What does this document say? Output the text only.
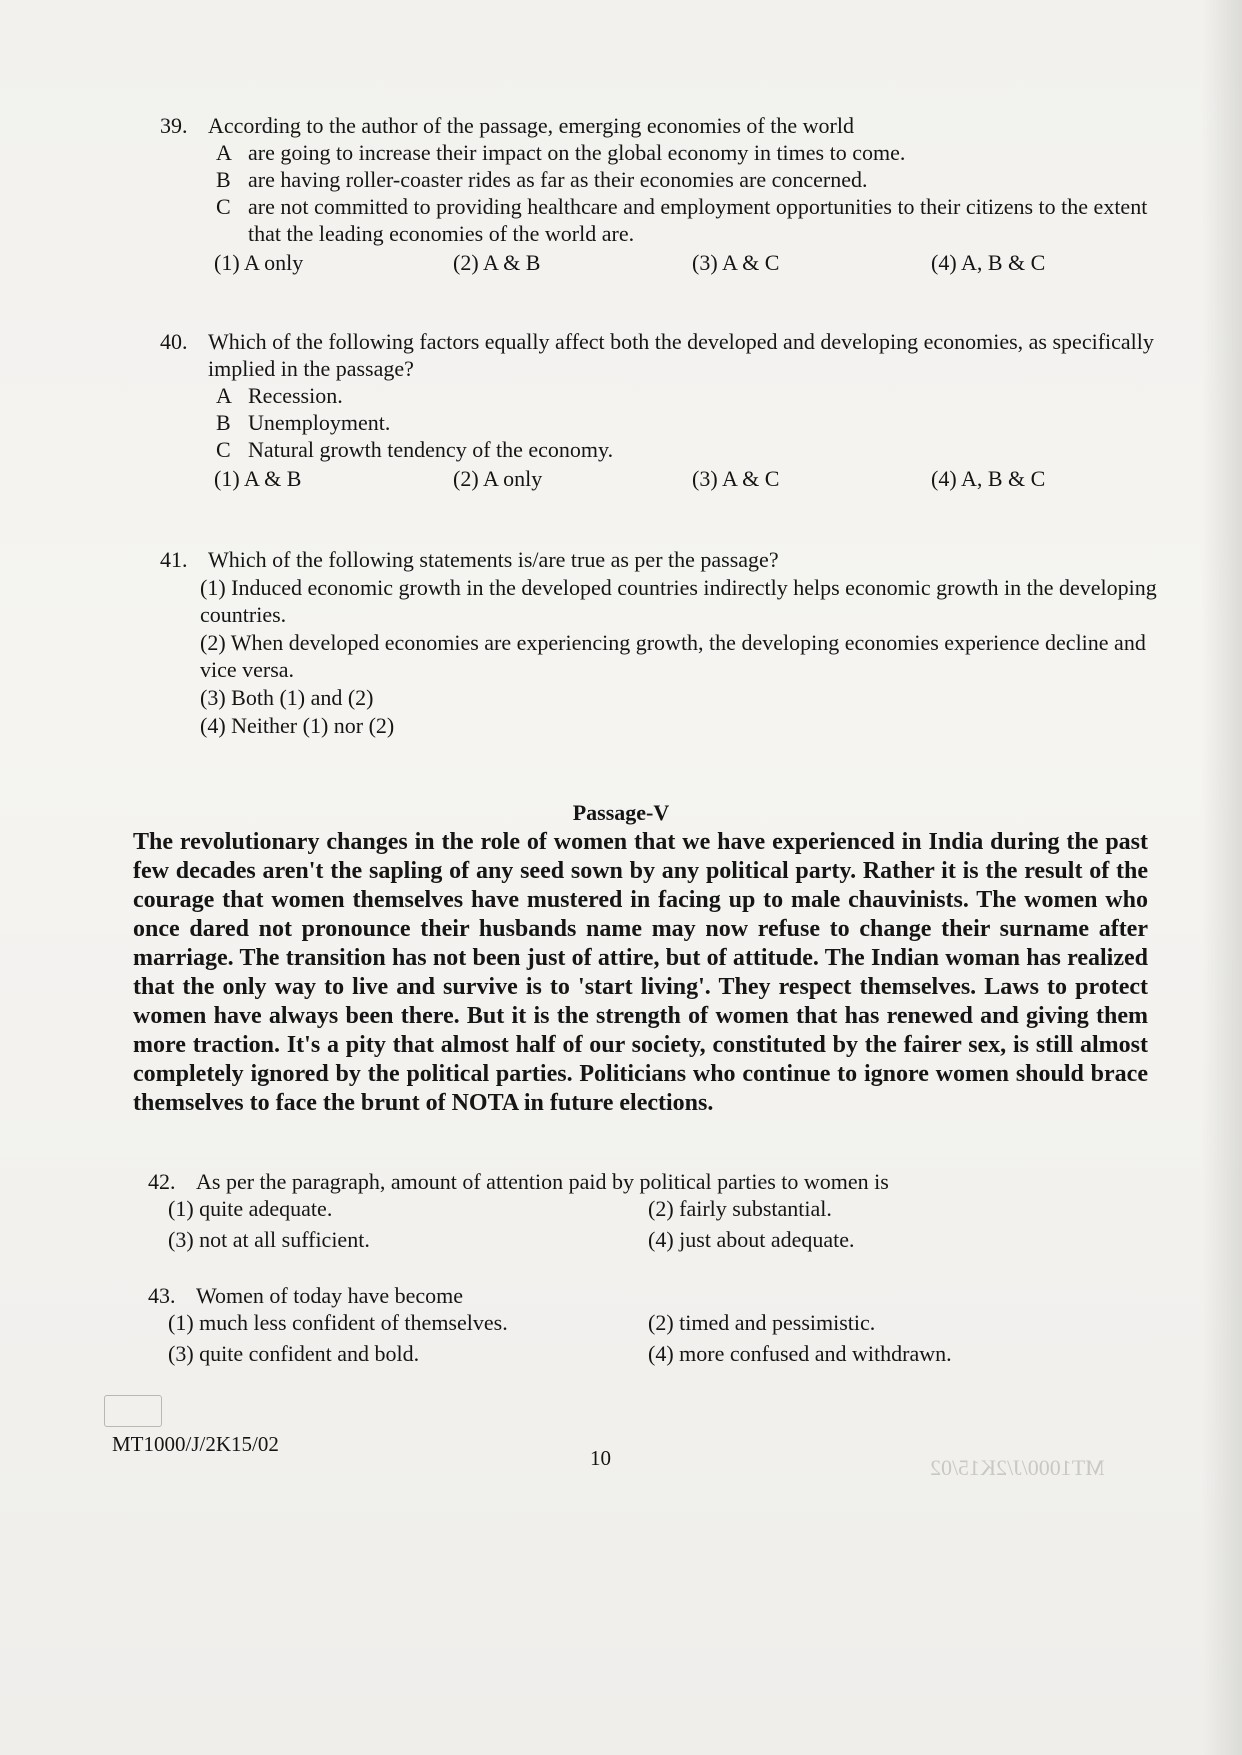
39. According to the author of the passage, emerging economies of the world
A are going to increase their impact on the global economy in times to come.
B are having roller-coaster rides as far as their economies are concerned.
C are not committed to providing healthcare and employment opportunities to their citizens to the extent that the leading economies of the world are.
(1) A only	(2) A & B	(3) A & C	(4) A, B & C
40. Which of the following factors equally affect both the developed and developing economies, as specifically implied in the passage?
A Recession.
B Unemployment.
C Natural growth tendency of the economy.
(1) A & B	(2) A only	(3) A & C	(4) A, B & C
41. Which of the following statements is/are true as per the passage?
(1) Induced economic growth in the developed countries indirectly helps economic growth in the developing countries.
(2) When developed economies are experiencing growth, the developing economies experience decline and vice versa.
(3) Both (1) and (2)
(4) Neither (1) nor (2)
Passage-V
The revolutionary changes in the role of women that we have experienced in India during the past few decades aren't the sapling of any seed sown by any political party. Rather it is the result of the courage that women themselves have mustered in facing up to male chauvinists. The women who once dared not pronounce their husbands name may now refuse to change their surname after marriage. The transition has not been just of attire, but of attitude. The Indian woman has realized that the only way to live and survive is to 'start living'. They respect themselves. Laws to protect women have always been there. But it is the strength of women that has renewed and giving them more traction. It's a pity that almost half of our society, constituted by the fairer sex, is still almost completely ignored by the political parties. Politicians who continue to ignore women should brace themselves to face the brunt of NOTA in future elections.
42. As per the paragraph, amount of attention paid by political parties to women is
(1) quite adequate.	(2) fairly substantial.
(3) not at all sufficient.	(4) just about adequate.
43. Women of today have become
(1) much less confident of themselves.	(2) timed and pessimistic.
(3) quite confident and bold.	(4) more confused and withdrawn.
MT1000/J/2K15/02
10	MT1000/J/2K15/02
